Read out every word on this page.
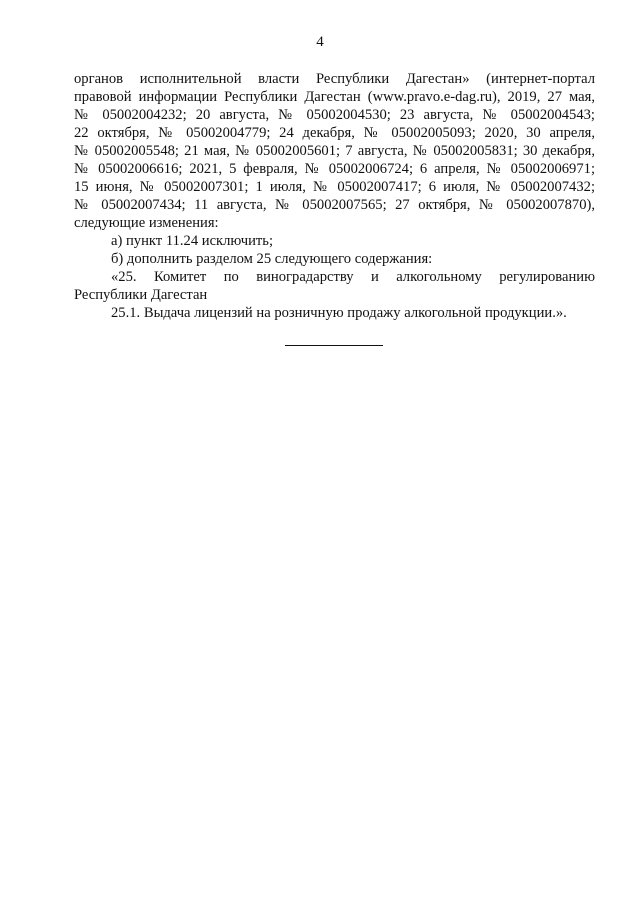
4
органов исполнительной власти Республики Дагестан» (интернет-портал
правовой информации Республики Дагестан (www.pravo.e-dag.ru), 2019, 27 мая,
№ 05002004232; 20 августа, № 05002004530; 23 августа, № 05002004543;
22 октября, № 05002004779; 24 декабря, № 05002005093; 2020, 30 апреля,
№ 05002005548; 21 мая, № 05002005601; 7 августа, № 05002005831; 30 декабря,
№ 05002006616; 2021, 5 февраля, № 05002006724; 6 апреля, № 05002006971;
15 июня, № 05002007301; 1 июля, № 05002007417; 6 июля, № 05002007432;
№ 05002007434; 11 августа, № 05002007565; 27 октября, № 05002007870),
следующие изменения:
а) пункт 11.24 исключить;
б) дополнить разделом 25 следующего содержания:
«25. Комитет по виноградарству и алкогольному регулированию
Республики Дагестан
25.1. Выдача лицензий на розничную продажу алкогольной продукции.».
